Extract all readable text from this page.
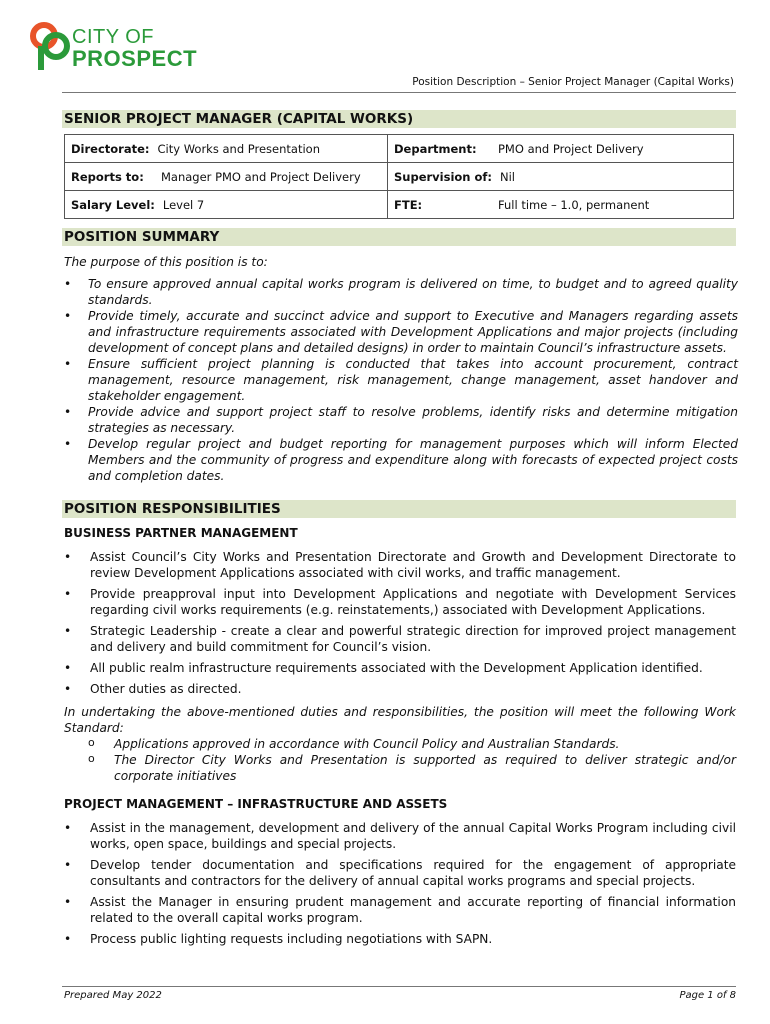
CITY OF
PROSPECT
Position Description – Senior Project Manager (Capital Works)
SENIOR PROJECT MANAGER (CAPITAL WORKS)
Directorate: City Works and Presentation	Department: PMO and Project Delivery

Reports to: Manager PMO and Project Delivery	Supervision of: Nil

Salary Level: Level 7	FTE: Full time – 1.0, permanent
POSITION SUMMARY
The purpose of this position is to:
• To ensure approved annual capital works program is delivered on time, to budget and to agreed quality standards.
• Provide timely, accurate and succinct advice and support to Executive and Managers regarding assets and infrastructure requirements associated with Development Applications and major projects (including development of concept plans and detailed designs) in order to maintain Council’s infrastructure assets.
• Ensure sufficient project planning is conducted that takes into account procurement, contract management, resource management, risk management, change management, asset handover and stakeholder engagement.
• Provide advice and support project staff to resolve problems, identify risks and determine mitigation strategies as necessary.
• Develop regular project and budget reporting for management purposes which will inform Elected Members and the community of progress and expenditure along with forecasts of expected project costs and completion dates.
POSITION RESPONSIBILITIES
BUSINESS PARTNER MANAGEMENT
• Assist Council’s City Works and Presentation Directorate and Growth and Development Directorate to review Development Applications associated with civil works, and traffic management.
• Provide preapproval input into Development Applications and negotiate with Development Services regarding civil works requirements (e.g. reinstatements,) associated with Development Applications.
• Strategic Leadership - create a clear and powerful strategic direction for improved project management and delivery and build commitment for Council’s vision.
• All public realm infrastructure requirements associated with the Development Application identified.
• Other duties as directed.
In undertaking the above-mentioned duties and responsibilities, the position will meet the following Work Standard:
o Applications approved in accordance with Council Policy and Australian Standards.
o The Director City Works and Presentation is supported as required to deliver strategic and/or corporate initiatives
PROJECT MANAGEMENT – INFRASTRUCTURE AND ASSETS
• Assist in the management, development and delivery of the annual Capital Works Program including civil works, open space, buildings and special projects.
• Develop tender documentation and specifications required for the engagement of appropriate consultants and contractors for the delivery of annual capital works programs and special projects.
• Assist the Manager in ensuring prudent management and accurate reporting of financial information related to the overall capital works program.
• Process public lighting requests including negotiations with SAPN.
Prepared May 2022	Page 1 of 8
